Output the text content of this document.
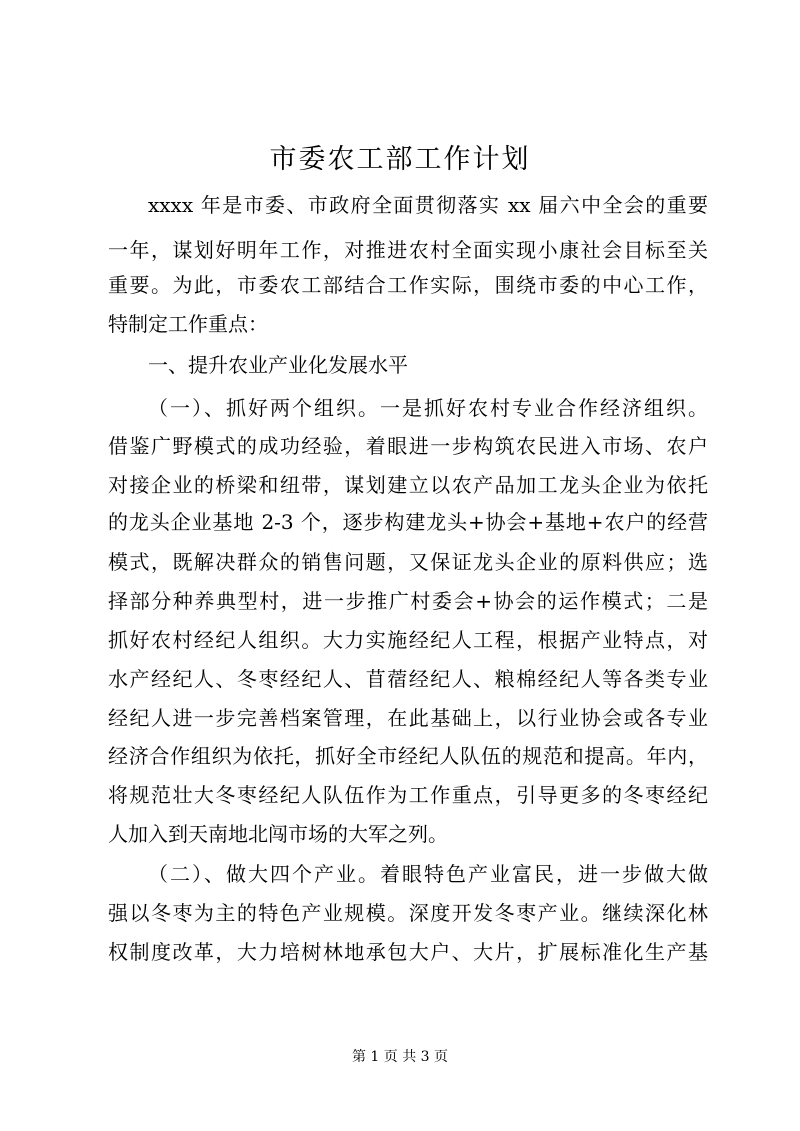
市委农工部工作计划
xxxx 年是市委、市政府全面贯彻落实 xx 届六中全会的重要
一年，谋划好明年工作，对推进农村全面实现小康社会目标至关
重要。为此，市委农工部结合工作实际，围绕市委的中心工作，
特制定工作重点：
一、提升农业产业化发展水平
（一）、抓好两个组织。一是抓好农村专业合作经济组织。
借鉴广野模式的成功经验，着眼进一步构筑农民进入市场、农户
对接企业的桥梁和纽带，谋划建立以农产品加工龙头企业为依托
的龙头企业基地 2-3 个，逐步构建龙头+协会+基地+农户的经营
模式，既解决群众的销售问题，又保证龙头企业的原料供应；选
择部分种养典型村，进一步推广村委会+协会的运作模式；二是
抓好农村经纪人组织。大力实施经纪人工程，根据产业特点，对
水产经纪人、冬枣经纪人、苜蓿经纪人、粮棉经纪人等各类专业
经纪人进一步完善档案管理，在此基础上，以行业协会或各专业
经济合作组织为依托，抓好全市经纪人队伍的规范和提高。年内，
将规范壮大冬枣经纪人队伍作为工作重点，引导更多的冬枣经纪
人加入到天南地北闯市场的大军之列。
（二）、做大四个产业。着眼特色产业富民，进一步做大做
强以冬枣为主的特色产业规模。深度开发冬枣产业。继续深化林
权制度改革，大力培树林地承包大户、大片，扩展标准化生产基
第 1 页 共 3 页
